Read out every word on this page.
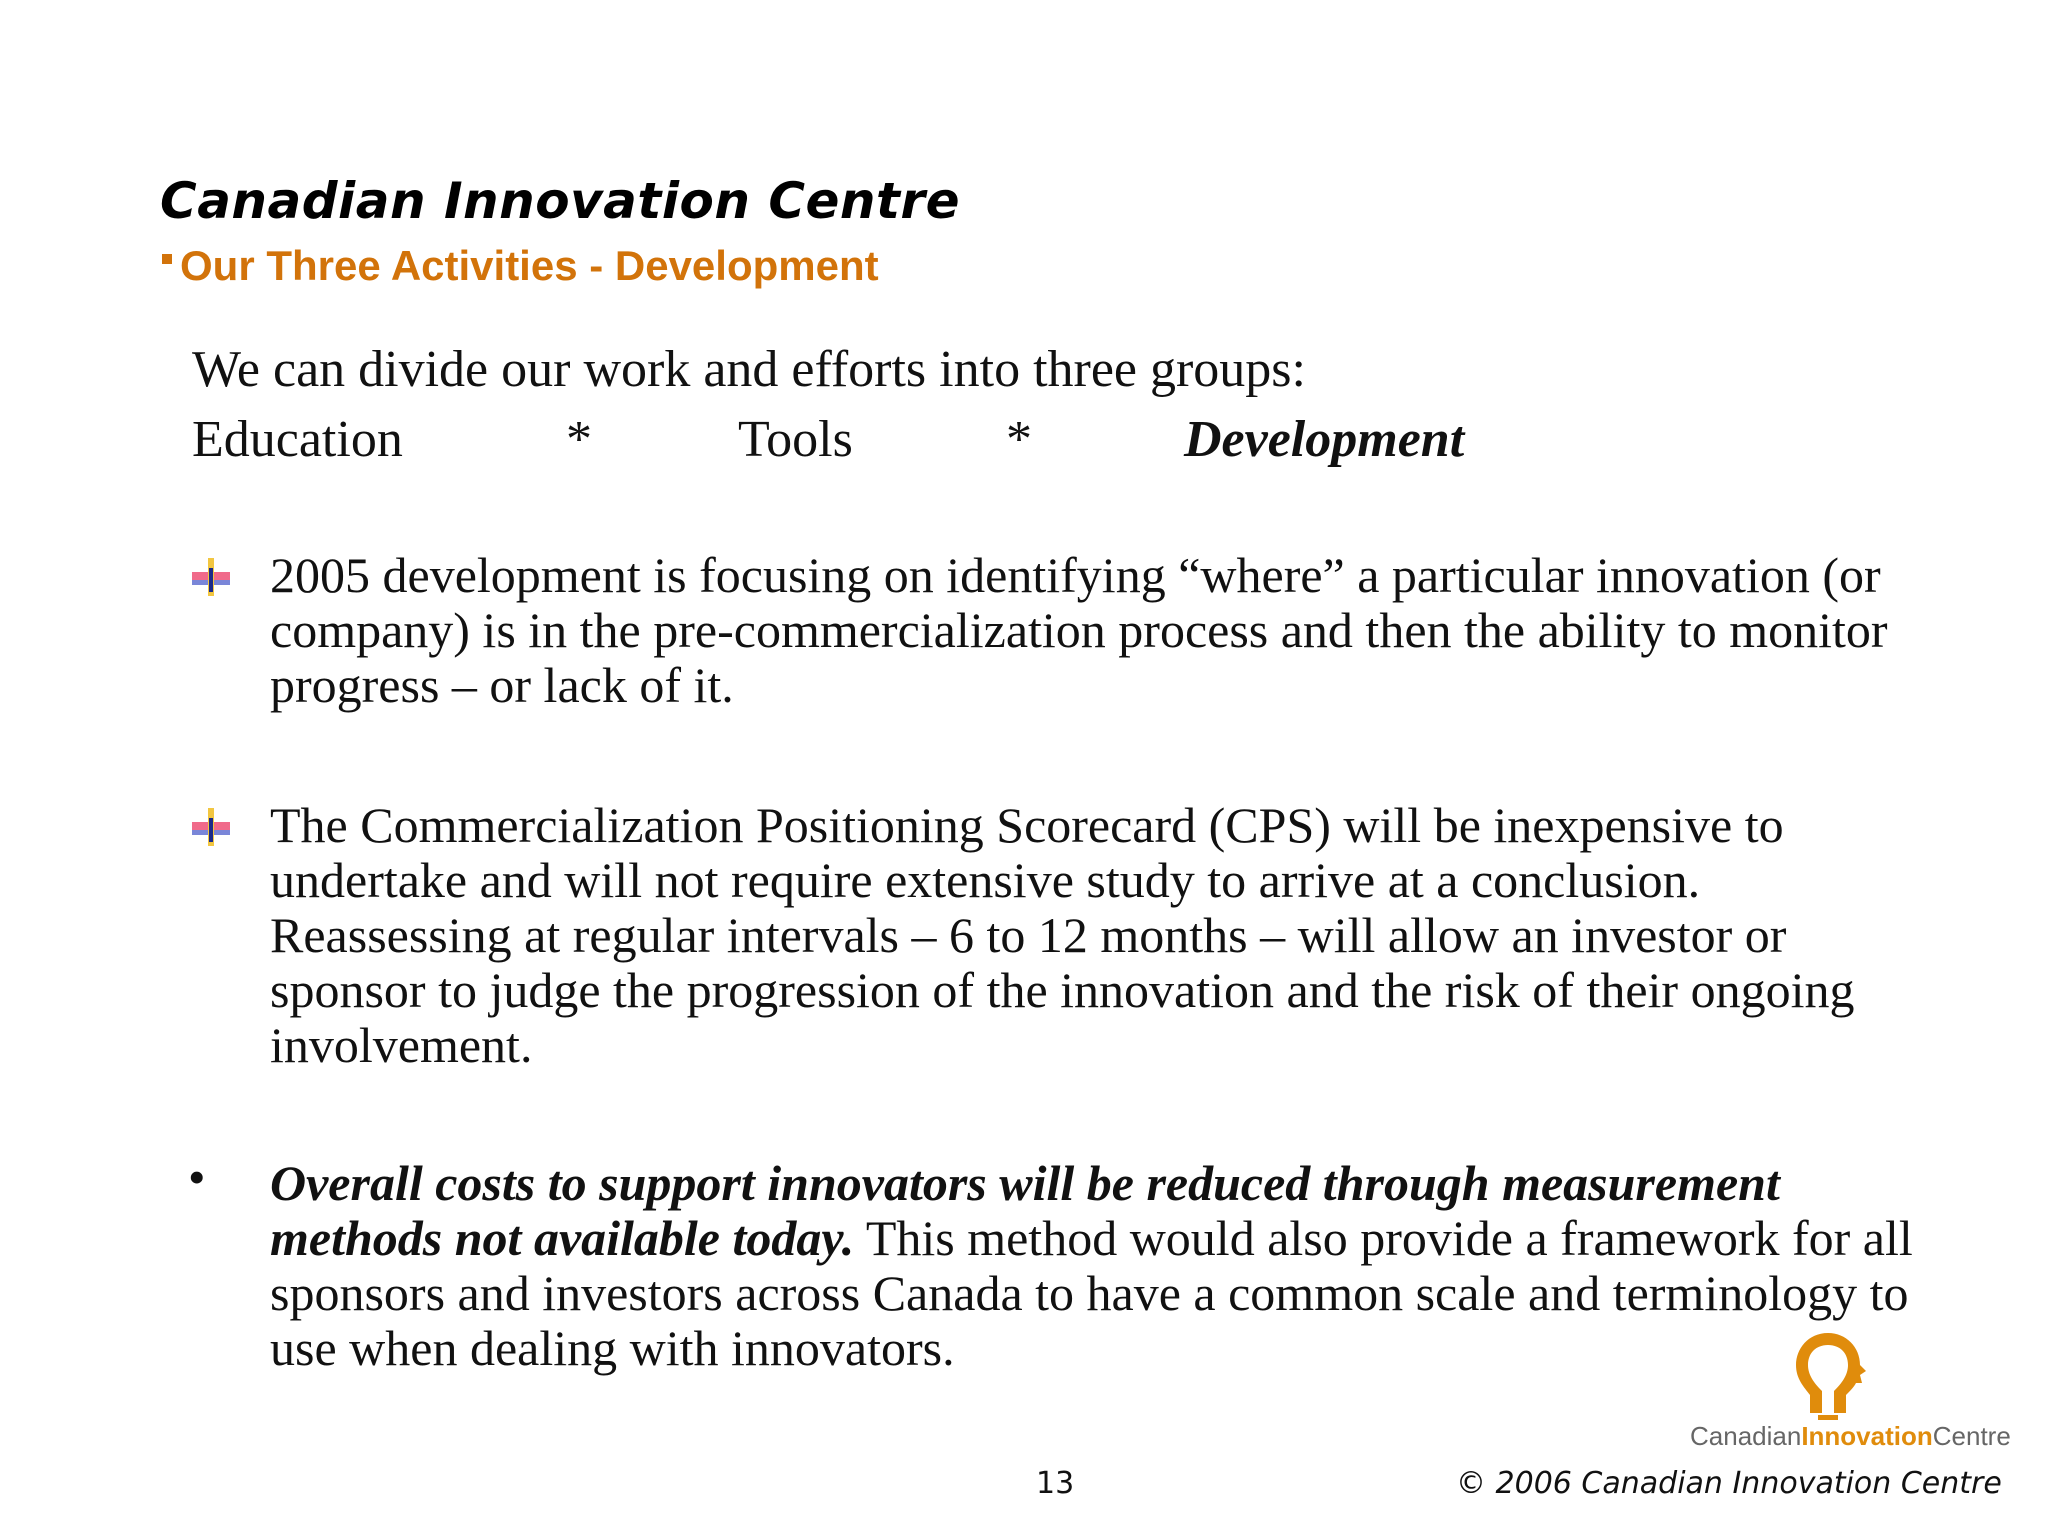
Canadian Innovation Centre
Our Three Activities - Development
We can divide our work and efforts into three groups:
Education	*	Tools	*	Development
2005 development is focusing on identifying “where” a particular innovation (or company) is in the pre-commercialization process and then the ability to monitor progress – or lack of it.
The Commercialization Positioning Scorecard (CPS) will be inexpensive to undertake and will not require extensive study to arrive at a conclusion. Reassessing at regular intervals – 6 to 12 months – will allow an investor or sponsor to judge the progression of the innovation and the risk of their ongoing involvement.
• Overall costs to support innovators will be reduced through measurement methods not available today. This method would also provide a framework for all sponsors and investors across Canada to have a common scale and terminology to use when dealing with innovators.
CanadianInnovationCentre
13	© 2006 Canadian Innovation Centre
